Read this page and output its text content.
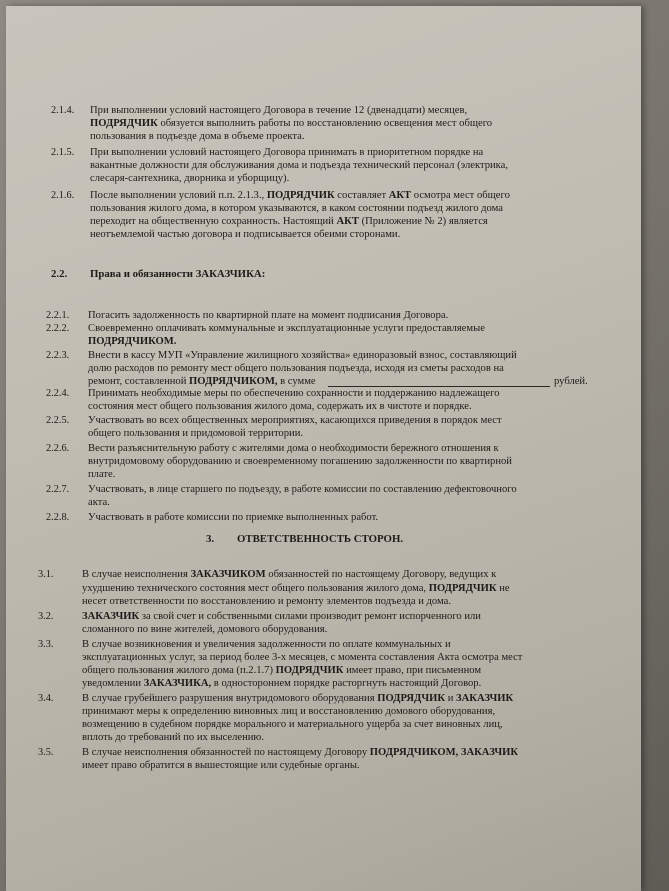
2.1.4. При выполнении условий настоящего Договора в течение 12 (двенадцати) месяцев,
ПОДРЯДЧИК обязуется выполнить работы по восстановлению освещения мест общего
пользования в подъезде дома в объеме проекта.
2.1.5. При выполнении условий настоящего Договора принимать в приоритетном порядке на
вакантные должности для обслуживания дома и подъезда технический персонал (электрика,
слесаря-сантехника, дворника и уборщицу).
2.1.6. После выполнении условий п.п. 2.1.3., ПОДРЯДЧИК составляет АКТ осмотра мест общего
пользования жилого дома, в котором указываются, в каком состоянии подъезд жилого дома
переходит на общественную сохранность. Настоящий АКТ (Приложение № 2) является
неотъемлемой частью договора и подписывается обеими сторонами.
2.2. Права и обязанности ЗАКАЗЧИКА:
2.2.1. Погасить задолженность по квартирной плате на момент подписания Договора.
2.2.2. Своевременно оплачивать коммунальные и эксплуатационные услуги предоставляемые
ПОДРЯДЧИКОМ.
2.2.3. Внести в кассу МУП «Управление жилищного хозяйства» единоразовый взнос, составляющий
долю расходов по ремонту мест общего пользования подъезда, исходя из сметы расходов на
ремонт, составленной ПОДРЯДЧИКОМ, в сумме	рублей.
2.2.4. Принимать необходимые меры по обеспечению сохранности и поддержанию надлежащего
состояния мест общего пользования жилого дома, содержать их в чистоте и порядке.
2.2.5. Участвовать во всех общественных мероприятиях, касающихся приведения в порядок мест
общего пользования и придомовой территории.
2.2.6. Вести разъяснительную работу с жителями дома о необходимости бережного отношения к
внутридомовому оборудованию и своевременному погашению задолженности по квартирной
плате.
2.2.7. Участвовать, в лице старшего по подъезду, в работе комиссии по составлению дефектовочного
акта.
2.2.8. Участвовать в работе комиссии по приемке выполненных работ.
3. ОТВЕТСТВЕННОСТЬ СТОРОН.
3.1.	В случае неисполнения ЗАКАЗЧИКОМ обязанностей по настоящему Договору, ведущих к
ухудшению технического состояния мест общего пользования жилого дома, ПОДРЯДЧИК не
несет ответственности по восстановлению и ремонту элементов подъезда и дома.
3.2.	ЗАКАЗЧИК за свой счет и собственными силами производит ремонт испорченного или
сломанного по вине жителей, домового оборудования.
3.3.	В случае возникновения и увеличения задолженности по оплате коммунальных и
эксплуатационных услуг, за период более 3-х месяцев, с момента составления Акта осмотра мест
общего пользования жилого дома (п.2.1.7) ПОДРЯДЧИК имеет право, при письменном
уведомлении ЗАКАЗЧИКА, в одностороннем порядке расторгнуть настоящий Договор.
3.4.	В случае грубейшего разрушения внутридомового оборудования ПОДРЯДЧИК и ЗАКАЗЧИК
принимают меры к определению виновных лиц и восстановлению домового оборудования,
возмещению в судебном порядке морального и материального ущерба за счет виновных лиц,
вплоть до требований по их выселению.
3.5.	В случае неисполнения обязанностей по настоящему Договору ПОДРЯДЧИКОМ, ЗАКАЗЧИК
имеет право обратится в вышестоящие или судебные органы.
